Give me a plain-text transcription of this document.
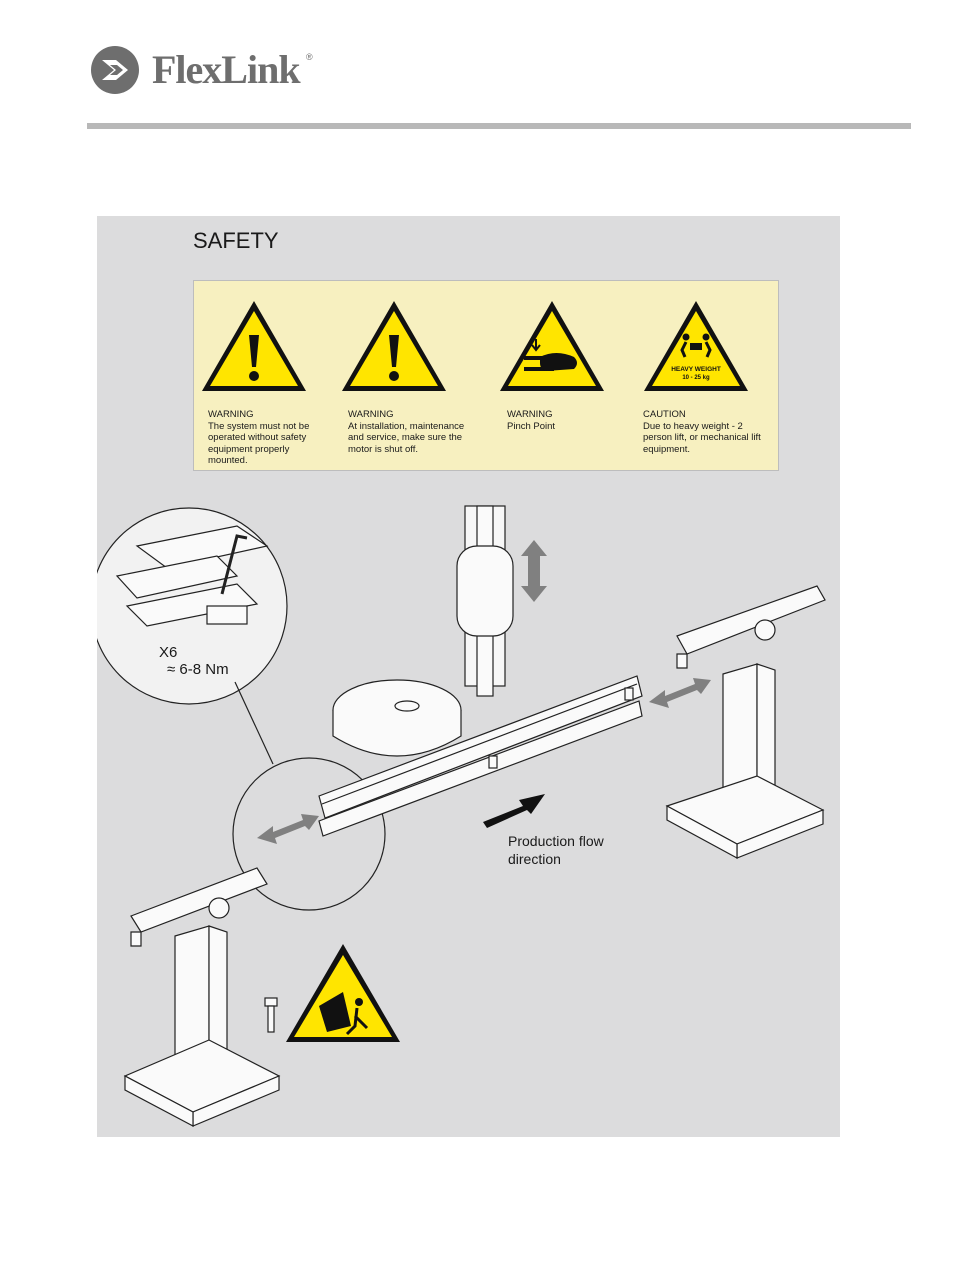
FlexLink ®
SAFETY
HEAVY WEIGHT
10 - 25 kg
WARNING
The system must not be operated without safety equipment properly mounted.
WARNING
At installation, maintenance and service, make sure the motor is shut off.
WARNING
Pinch Point
CAUTION
Due to heavy weight - 2 person lift, or mechanical lift equipment.
X6
≈ 6-8 Nm
Production flow
direction
